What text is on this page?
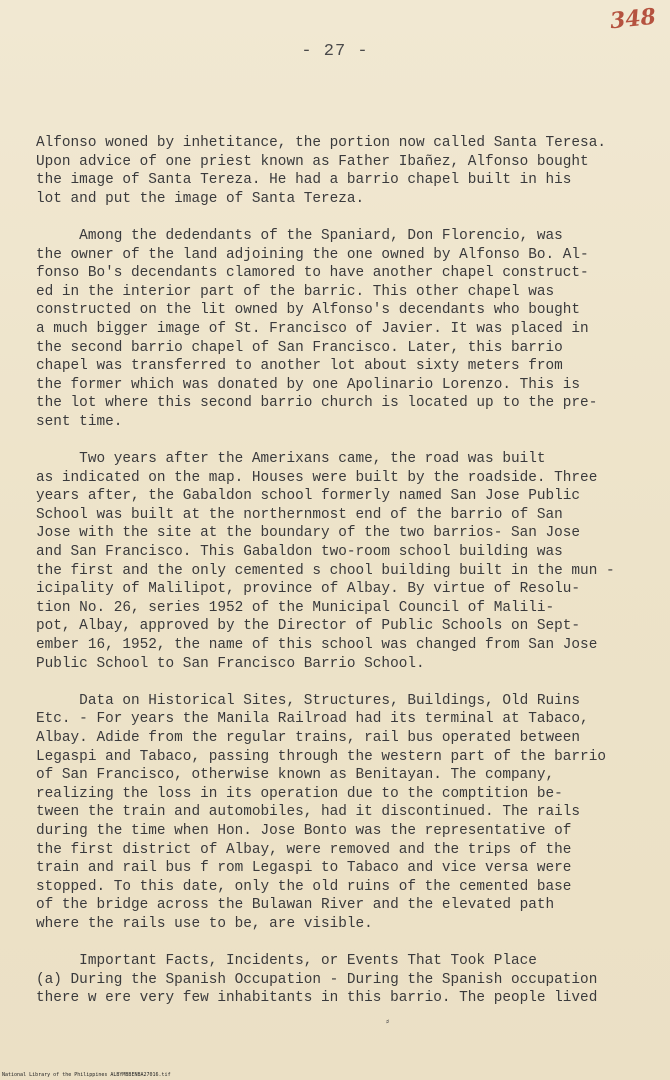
348
- 27 -
Alfonso woned by inhetitance, the portion now called Santa Teresa.
Upon advice of one priest known as Father Ibañez, Alfonso bought
the image of Santa Tereza. He had a barrio chapel built in his
lot and put the image of Santa Tereza.
Among the dedendants of the Spaniard, Don Florencio, was
the owner of the land adjoining the one owned by Alfonso Bo. Al-
fonso Bo's decendants clamored to have another chapel construct-
ed in the interior part of the barric. This other chapel was
constructed on the lit owned by Alfonso's decendants who bought
a much bigger image of St. Francisco of Javier. It was placed in
the second barrio chapel of San Francisco. Later, this barrio
chapel was transferred to another lot about sixty meters from
the former which was donated by one Apolinario Lorenzo. This is
the lot where this second barrio church is located up to the pre-
sent time.
Two years after the Amerixans came, the road was built
as indicated on the map. Houses were built by the roadside. Three
years after, the Gabaldon school formerly named San Jose Public
School was built at the northernmost end of the barrio of San
Jose with the site at the boundary of the two barrios- San Jose
and San Francisco. This Gabaldon two-room school building was
the first and the only cemented s chool building built in the mun -
icipality of Malilipot, province of Albay. By virtue of Resolu-
tion No. 26, series 1952 of the Municipal Council of Malili-
pot, Albay, approved by the Director of Public Schools on Sept-
ember 16, 1952, the name of this school was changed from San Jose
Public School to San Francisco Barrio School.
Data on Historical Sites, Structures, Buildings, Old Ruins
Etc. - For years the Manila Railroad had its terminal at Tabaco,
Albay. Adide from the regular trains, rail bus operated between
Legaspi and Tabaco, passing through the western part of the barrio
of San Francisco, otherwise known as Benitayan. The company,
realizing the loss in its operation due to the comptition be-
tween the train and automobiles, had it discontinued. The rails
during the time when Hon. Jose Bonto was the representative of
the first district of Albay, were removed and the trips of the
train and rail bus f rom Legaspi to Tabaco and vice versa were
stopped. To this date, only the old ruins of the cemented base
of the bridge across the Bulawan River and the elevated path
where the rails use to be, are visible.
Important Facts, Incidents, or Events That Took Place
(a) During the Spanish Occupation - During the Spanish occupation
there w ere very few inhabitants in this barrio. The people lived
⸗
National Library of the Philippines ALBYMBBENBA27016.tif
